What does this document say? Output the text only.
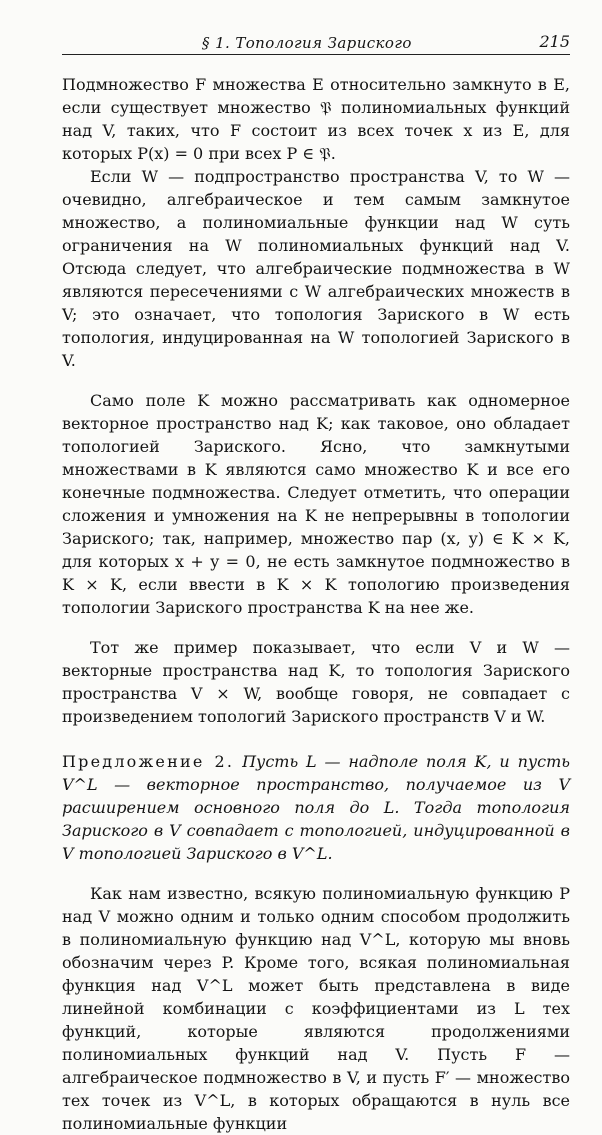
§ 1. Топология Зариского	215

Подмножество F множества E относительно замкнуто в E, если существует множество 𝔓 полиномиальных функций над V, таких, что F состоит из всех точек x из E, для которых P(x) = 0 при всех P ∈ 𝔓.

Если W — подпространство пространства V, то W — очевидно, алгебраическое и тем самым замкнутое множество, а полиномиальные функции над W суть ограничения на W полиномиальных функций над V. Отсюда следует, что алгебраические подмножества в W являются пересечениями с W алгебраических множеств в V; это означает, что топология Зариского в W есть топология, индуцированная на W топологией Зариского в V.

Само поле K можно рассматривать как одномерное векторное пространство над K; как таковое, оно обладает топологией Зариского. Ясно, что замкнутыми множествами в K являются само множество K и все его конечные подмножества. Следует отметить, что операции сложения и умножения на K не непрерывны в топологии Зариского; так, например, множество пар (x, y) ∈ K × K, для которых x + y = 0, не есть замкнутое подмножество в K × K, если ввести в K × K топологию произведения топологии Зариского пространства K на нее же.

Тот же пример показывает, что если V и W — векторные пространства над K, то топология Зариского пространства V × W, вообще говоря, не совпадает с произведением топологий Зариского пространств V и W.

Предложение 2. Пусть L — надполе поля K, и пусть V^L — векторное пространство, получаемое из V расширением основного поля до L. Тогда топология Зариского в V совпадает с топологией, индуцированной в V топологией Зариского в V^L.

Как нам известно, всякую полиномиальную функцию P над V можно одним и только одним способом продолжить в полиномиальную функцию над V^L, которую мы вновь обозначим через P. Кроме того, всякая полиномиальная функция над V^L может быть представлена в виде линейной комбинации с коэффициентами из L тех функций, которые являются продолжениями полиномиальных функций над V. Пусть F — алгебраическое подмножество в V, и пусть F′ — множество тех точек из V^L, в которых обращаются в нуль все полиномиальные функции
